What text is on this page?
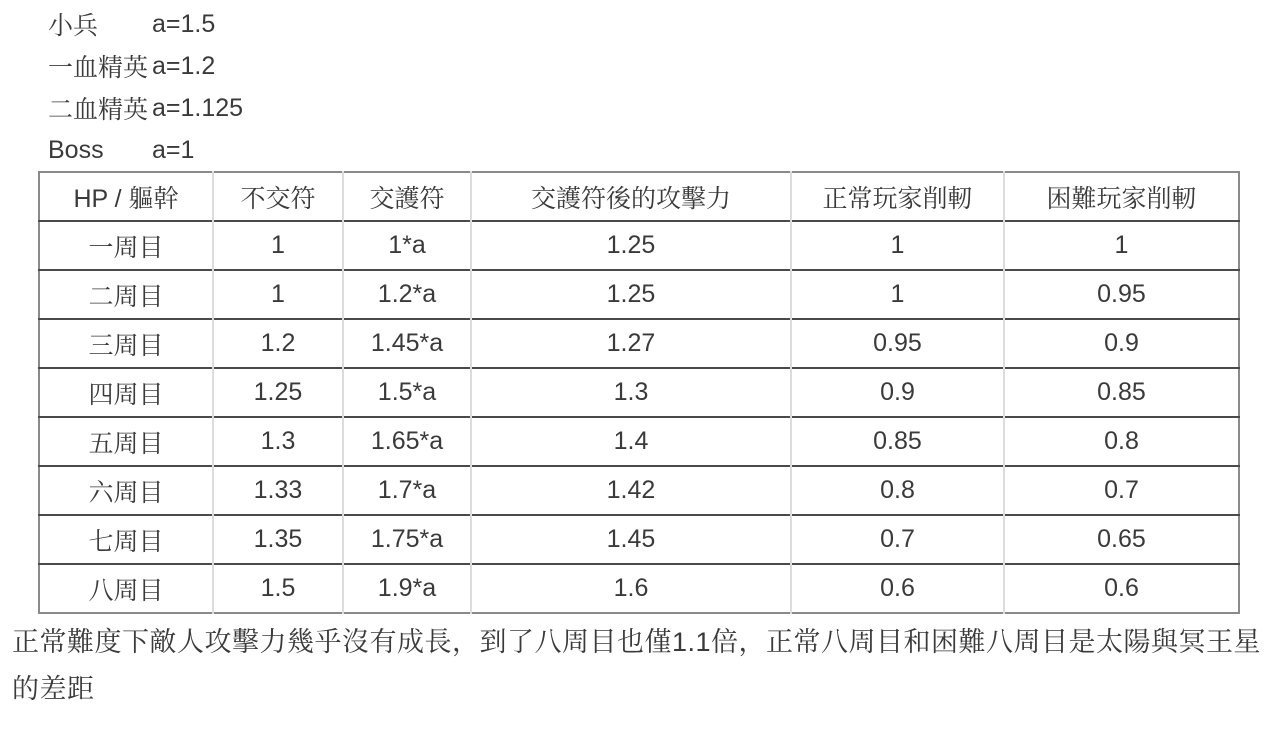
小兵	a=1.5
一血精英 a=1.2
二血精英 a=1.125
Boss	a=1
HP / 軀幹	不交符	交護符	交護符後的攻擊力	正常玩家削軔	困難玩家削軔
一周目	1	1*a	1.25	1	1
二周目	1	1.2*a	1.25	1	0.95
三周目	1.2	1.45*a	1.27	0.95	0.9
四周目	1.25	1.5*a	1.3	0.9	0.85
五周目	1.3	1.65*a	1.4	0.85	0.8
六周目	1.33	1.7*a	1.42	0.8	0.7
七周目	1.35	1.75*a	1.45	0.7	0.65
八周目	1.5	1.9*a	1.6	0.6	0.6

正常難度下敵人攻擊力幾乎沒有成長，到了八周目也僅1.1倍，正常八周目和困難八周目是太陽與冥王星的差距
